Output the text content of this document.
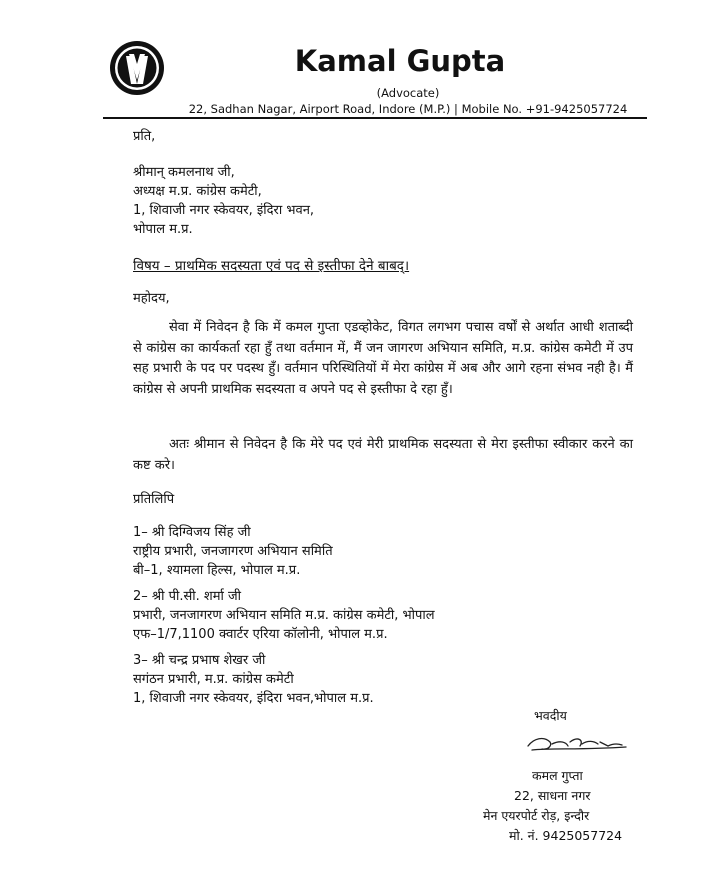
Kamal Gupta
(Advocate)
22, Sadhan Nagar, Airport Road, Indore (M.P.) | Mobile No. +91-9425057724
प्रति,
श्रीमान् कमलनाथ जी,
अध्यक्ष म.प्र. कांग्रेस कमेटी,
1, शिवाजी नगर स्केवयर, इंदिरा भवन,
भोपाल म.प्र.
विषय – प्राथमिक सदस्यता एवं पद से इस्तीफा देने बाबद्।
महोदय,
सेवा में निवेदन है कि में कमल गुप्ता एडव्होकेट, विगत लगभग पचास वर्षों से अर्थात आधी शताब्दी से कांग्रेस का कार्यकर्ता रहा हुँ तथा वर्तमान में, मैं जन जागरण अभियान समिति, म.प्र. कांग्रेस कमेटी में उप सह प्रभारी के पद पर पदस्थ हुँ। वर्तमान परिस्थितियों में मेरा कांग्रेस में अब और आगे रहना संभव नही है। मैं कांग्रेस से अपनी प्राथमिक सदस्यता व अपने पद से इस्तीफा दे रहा हुँ।
अतः श्रीमान से निवेदन है कि मेरे पद एवं मेरी प्राथमिक सदस्यता से मेरा इस्तीफा स्वीकार करने का कष्ट करे।
प्रतिलिपि
1– श्री दिग्विजय सिंह जी
राष्ट्रीय प्रभारी, जनजागरण अभियान समिति
बी–1, श्यामला हिल्स, भोपाल म.प्र.
2– श्री पी.सी. शर्मा जी
प्रभारी, जनजागरण अभियान समिति म.प्र. कांग्रेस कमेटी, भोपाल
एफ–1/7,1100 क्वार्टर एरिया कॉलोनी, भोपाल म.प्र.
3– श्री चन्द्र प्रभाष शेखर जी
सगंठन प्रभारी, म.प्र. कांग्रेस कमेटी
1, शिवाजी नगर स्केवयर, इंदिरा भवन,भोपाल म.प्र.
भवदीय
कमल गुप्ता
22, साधना नगर
मेन एयरपोर्ट रोड़, इन्दौर
मो. नं. 9425057724
